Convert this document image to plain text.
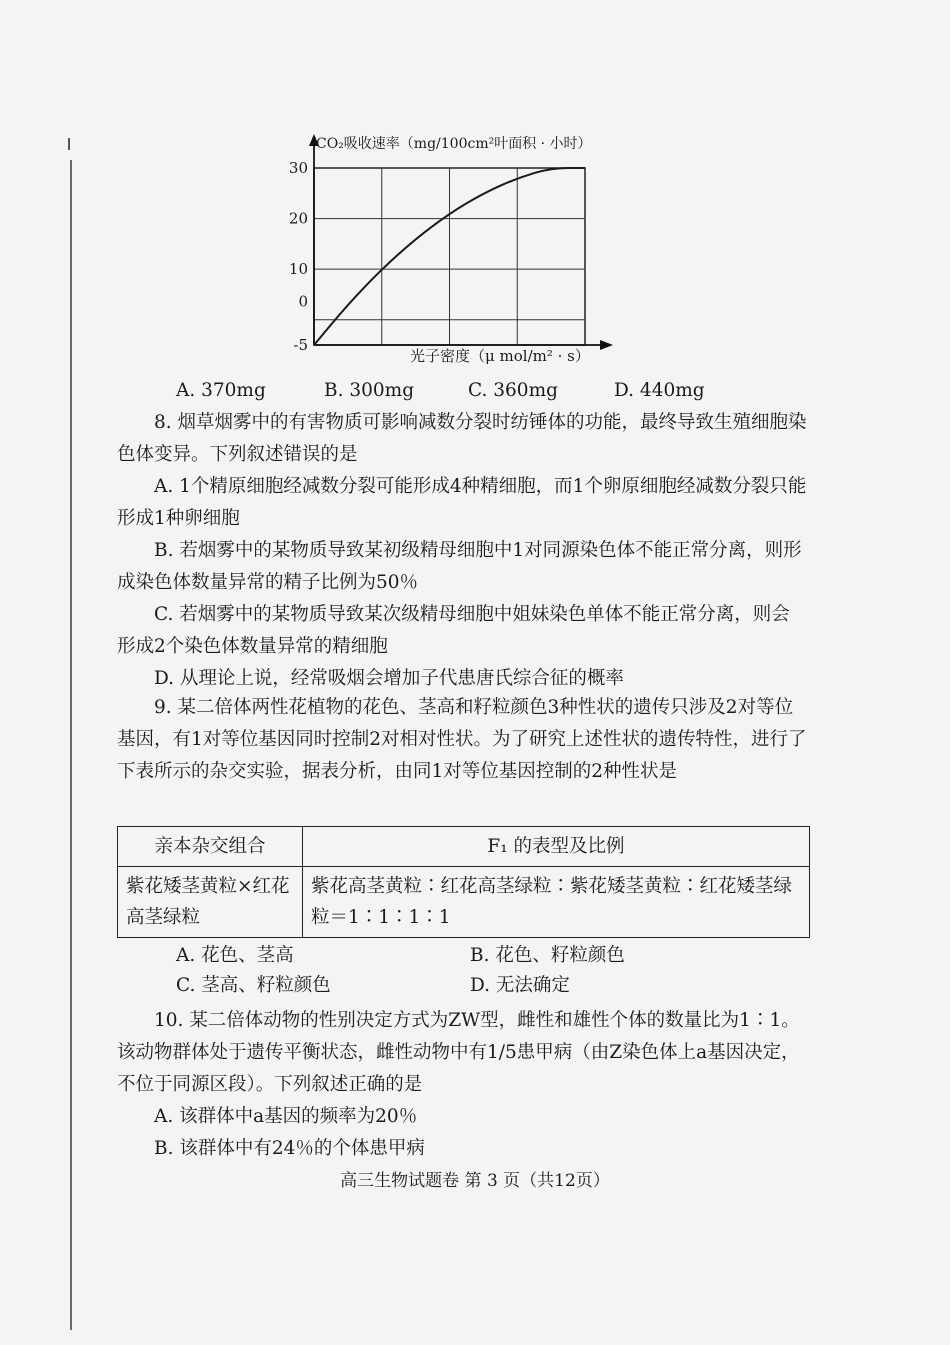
30
20
10
0
-5
CO₂吸收速率（mg/100cm²叶面积 · 小时）
光子密度（μ mol/m² · s）
A. 370mg	B. 300mg	C. 360mg	D. 440mg

8. 烟草烟雾中的有害物质可影响减数分裂时纺锤体的功能，最终导致生殖细胞染色体变异。下列叙述错误的是

A. 1个精原细胞经减数分裂可能形成4种精细胞，而1个卵原细胞经减数分裂只能形成1种卵细胞

B. 若烟雾中的某物质导致某初级精母细胞中1对同源染色体不能正常分离，则形成染色体数量异常的精子比例为50％

C. 若烟雾中的某物质导致某次级精母细胞中姐妹染色单体不能正常分离，则会形成2个染色体数量异常的精细胞

D. 从理论上说，经常吸烟会增加子代患唐氏综合征的概率

9. 某二倍体两性花植物的花色、茎高和籽粒颜色3种性状的遗传只涉及2对等位基因，有1对等位基因同时控制2对相对性状。为了研究上述性状的遗传特性，进行了下表所示的杂交实验，据表分析，由同1对等位基因控制的2种性状是

亲本杂交组合	F₁ 的表型及比例
紫花矮茎黄粒×红花高茎绿粒	紫花高茎黄粒∶红花高茎绿粒∶紫花矮茎黄粒∶红花矮茎绿粒＝1∶1∶1∶1
A. 花色、茎高	B. 花色、籽粒颜色
C. 茎高、籽粒颜色	D. 无法确定

10. 某二倍体动物的性别决定方式为ZW型，雌性和雄性个体的数量比为1∶1。该动物群体处于遗传平衡状态，雌性动物中有1/5患甲病（由Z染色体上a基因决定，不位于同源区段）。下列叙述正确的是

A. 该群体中a基因的频率为20％

B. 该群体中有24％的个体患甲病

高三生物试题卷 第 3 页（共12页）
